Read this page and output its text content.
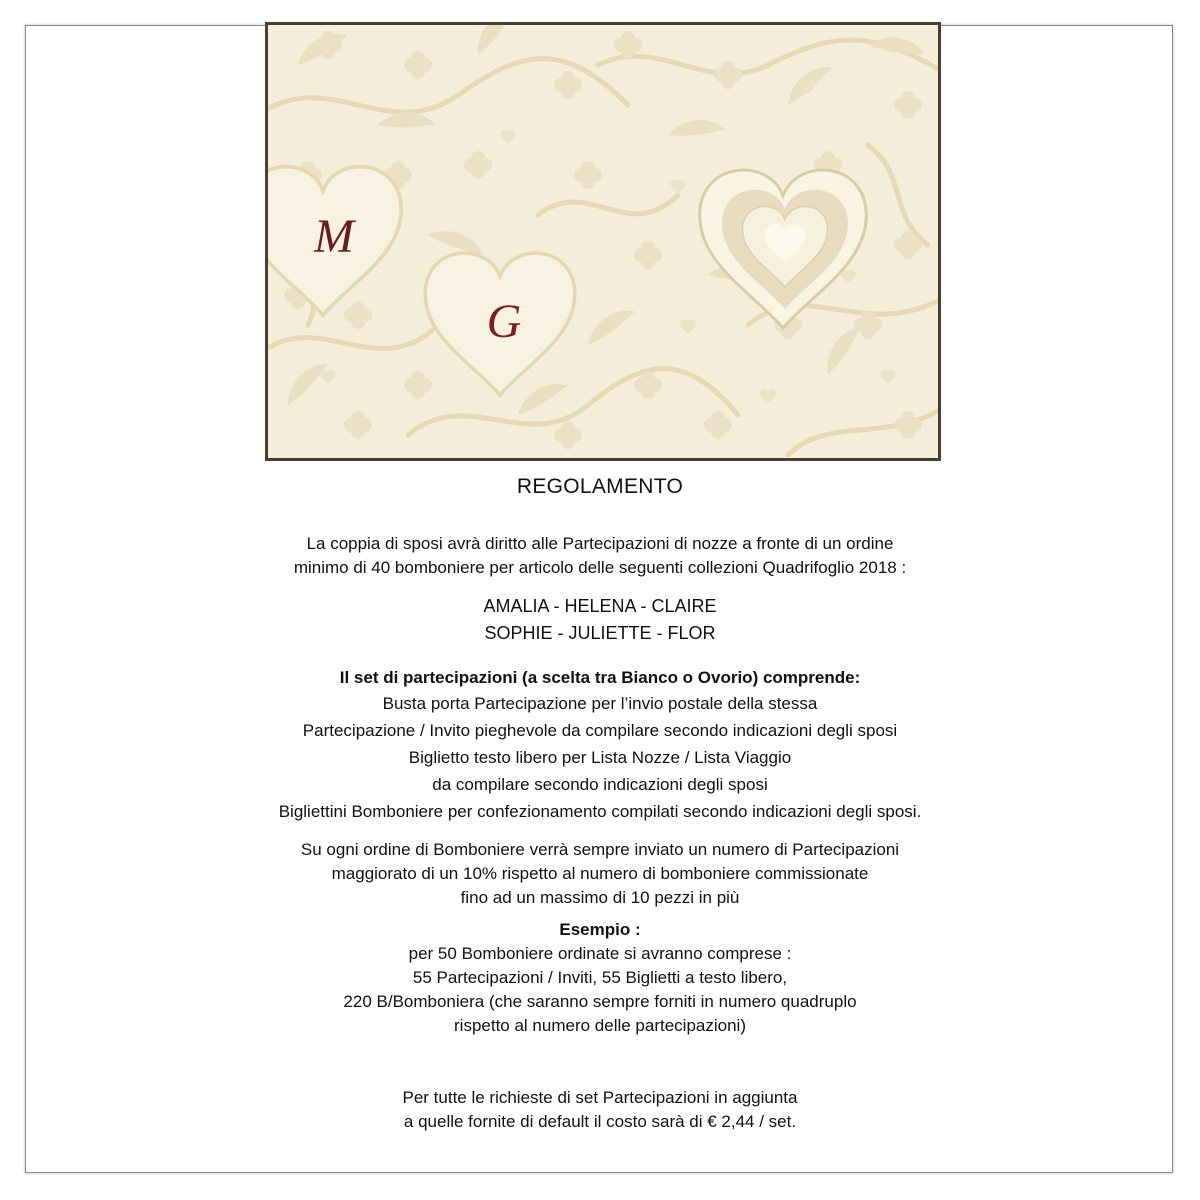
M
G
REGOLAMENTO
La coppia di sposi avrà diritto alle Partecipazioni di nozze a fronte di un ordine
minimo di 40 bomboniere per articolo delle seguenti collezioni Quadrifoglio 2018 :
AMALIA - HELENA - CLAIRE
SOPHIE - JULIETTE - FLOR
Il set di partecipazioni (a scelta tra Bianco o Ovorio) comprende:
Busta porta Partecipazione per l’invio postale della stessa
Partecipazione / Invito pieghevole da compilare secondo indicazioni degli sposi
Biglietto testo libero per Lista Nozze / Lista Viaggio
da compilare secondo indicazioni degli sposi
Bigliettini Bomboniere per confezionamento compilati secondo indicazioni degli sposi.
Su ogni ordine di Bomboniere verrà sempre inviato un numero di Partecipazioni
maggiorato di un 10% rispetto al numero di bomboniere commissionate
fino ad un massimo di 10 pezzi in più
Esempio :
per 50 Bomboniere ordinate si avranno comprese :
55 Partecipazioni / Inviti, 55 Biglietti a testo libero,
220 B/Bomboniera (che saranno sempre forniti in numero quadruplo
rispetto al numero delle partecipazioni)
Per tutte le richieste di set Partecipazioni in aggiunta
a quelle fornite di default il costo sarà di € 2,44 / set.
